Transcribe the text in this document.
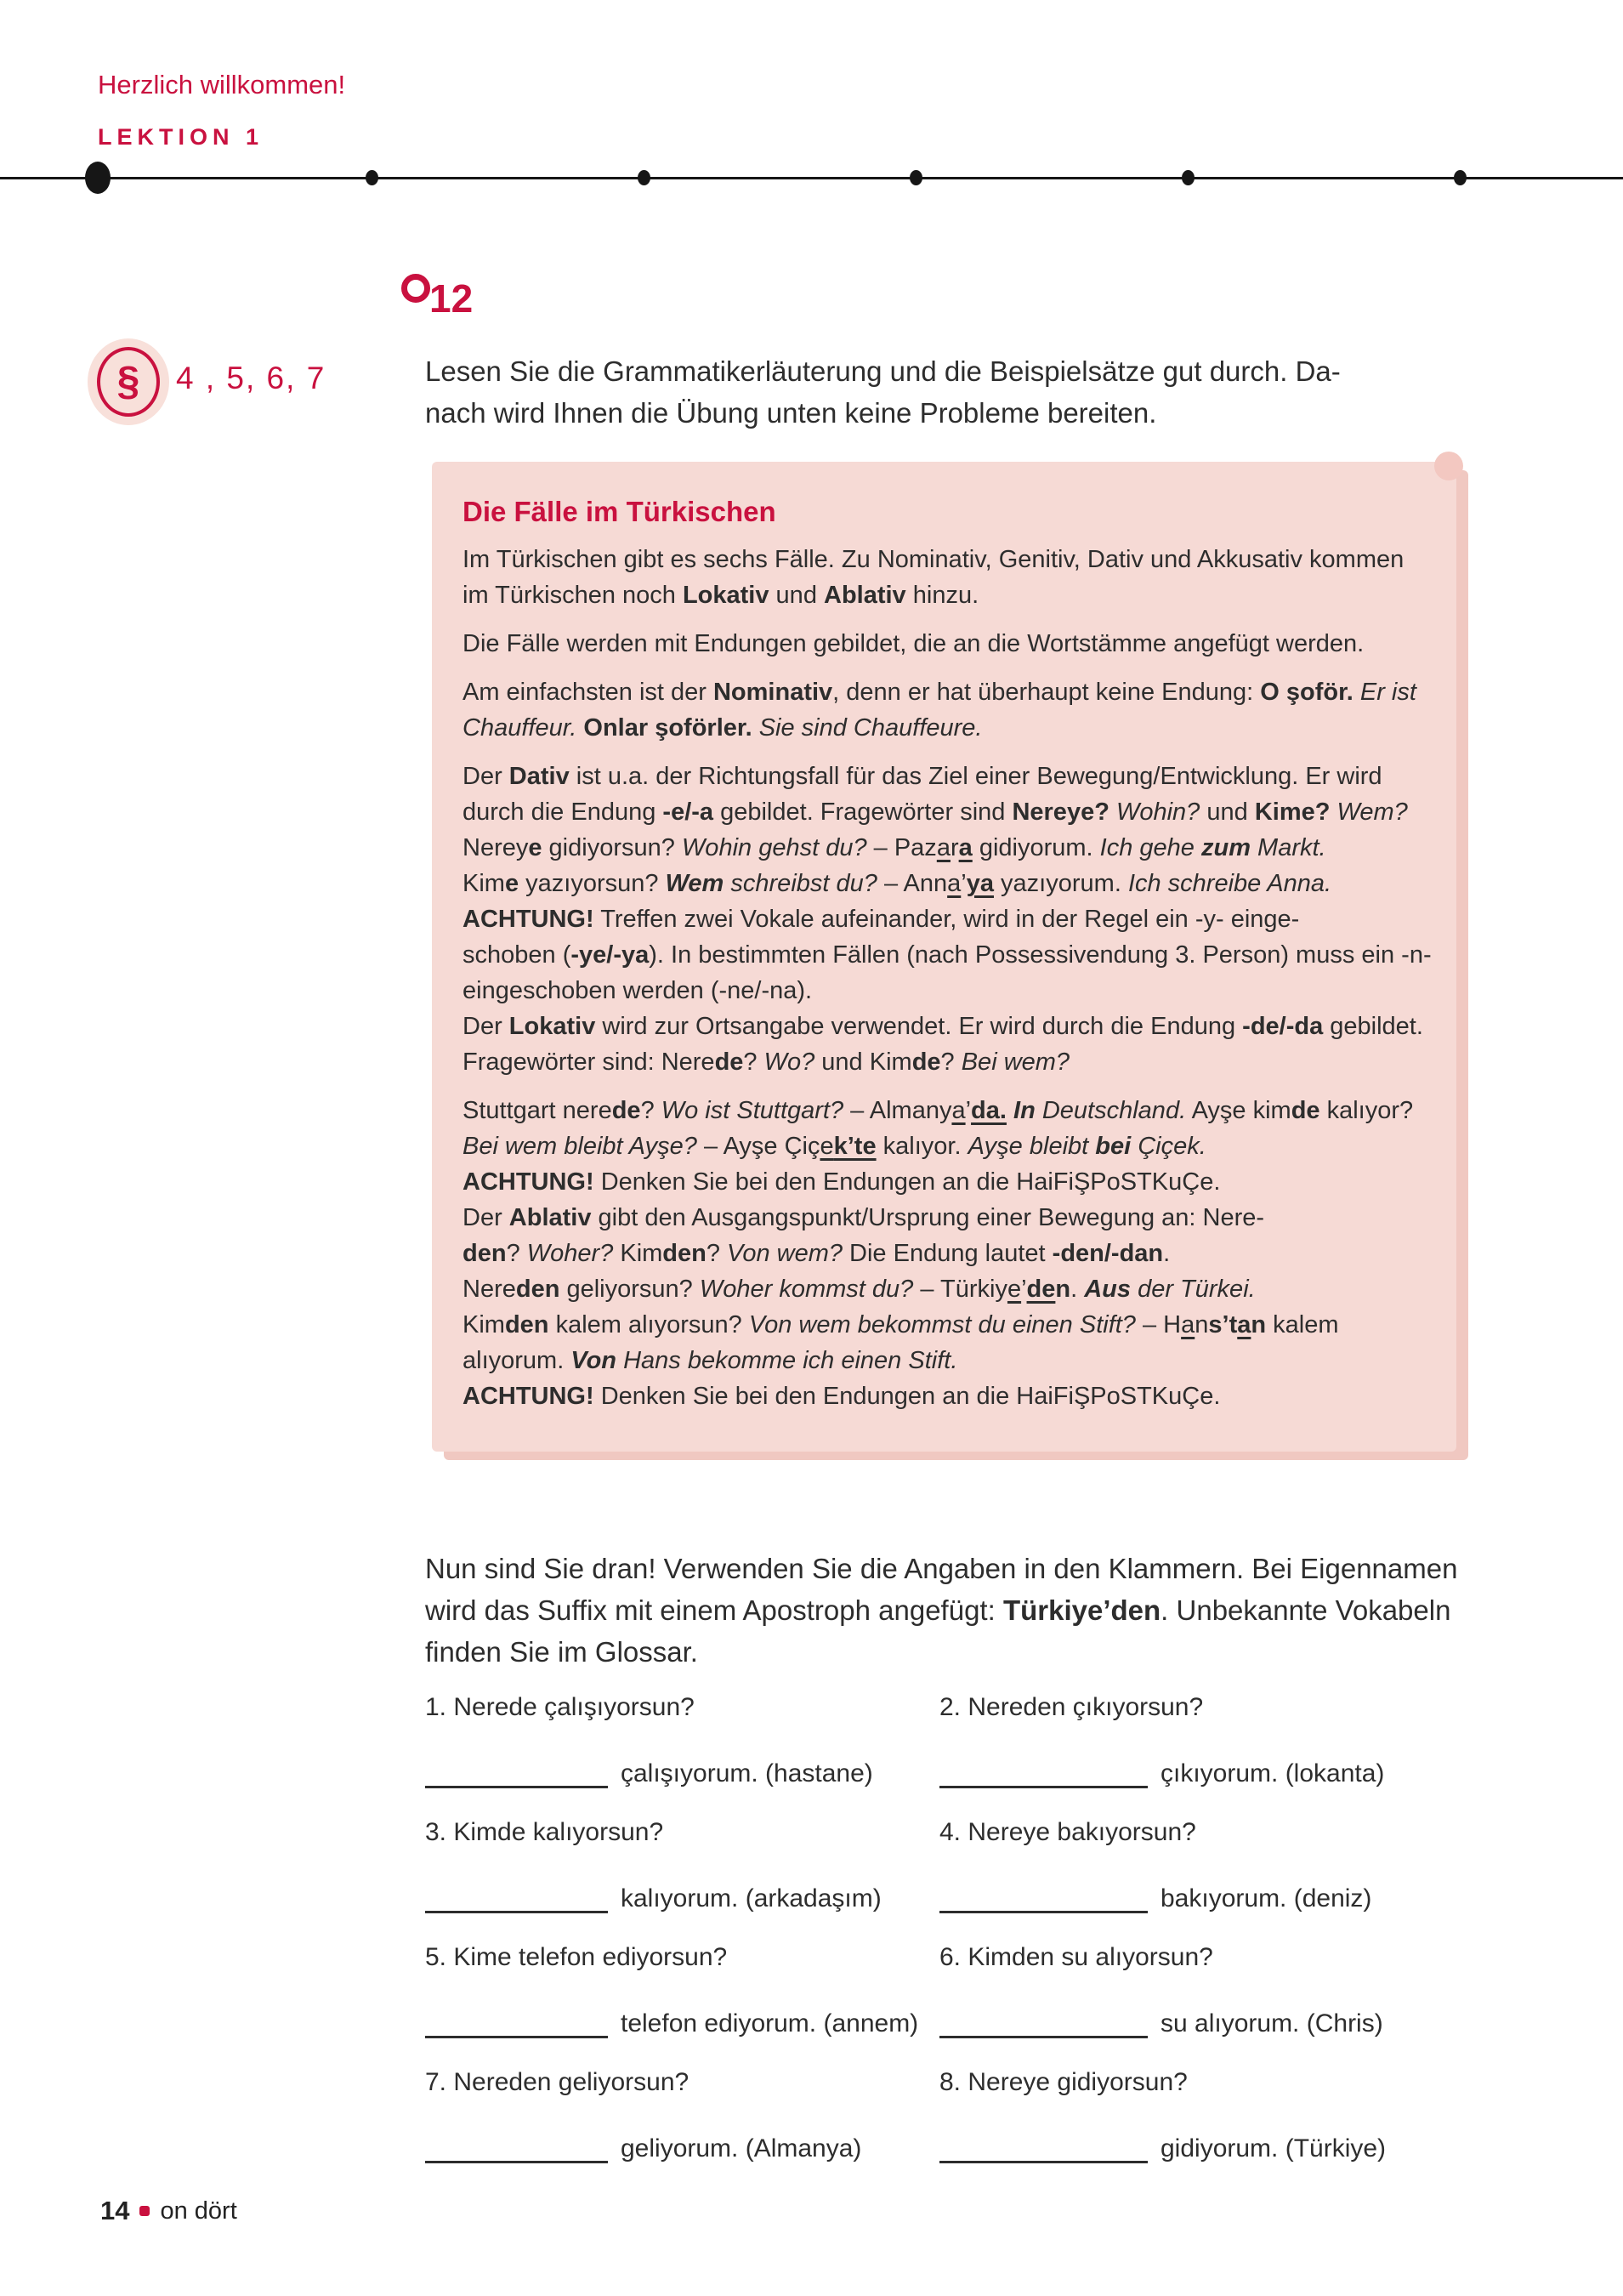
Herzlich willkommen!
LEKTION 1
§ 4 , 5, 6, 7
12
Lesen Sie die Grammatikerläuterung und die Beispielsätze gut durch. Da-
nach wird Ihnen die Übung unten keine Probleme bereiten.
Die Fälle im Türkischen

Im Türkischen gibt es sechs Fälle. Zu Nominativ, Genitiv, Dativ und Akkusativ kommen im Türkischen noch Lokativ und Ablativ hinzu.

Die Fälle werden mit Endungen gebildet, die an die Wortstämme angefügt werden.

Am einfachsten ist der Nominativ, denn er hat überhaupt keine Endung: O şoför. Er ist Chauffeur. Onlar şoförler. Sie sind Chauffeure.

Der Dativ ist u.a. der Richtungsfall für das Ziel einer Bewegung/Entwicklung. Er wird durch die Endung -e/-a gebildet. Fragewörter sind Nereye? Wohin? und Kime? Wem?
Nereye gidiyorsun? Wohin gehst du? – Pazara gidiyorum. Ich gehe zum Markt.
Kime yazıyorsun? Wem schreibst du? – Anna’ya yazıyorum. Ich schreibe Anna.
ACHTUNG! Treffen zwei Vokale aufeinander, wird in der Regel ein -y- einge-
schoben (-ye/-ya). In bestimmten Fällen (nach Possessivendung 3. Person) muss ein -n- eingeschoben werden (-ne/-na).
Der Lokativ wird zur Ortsangabe verwendet. Er wird durch die Endung -de/-da gebildet. Fragewörter sind: Nerede? Wo? und Kimde? Bei wem?

Stuttgart nerede? Wo ist Stuttgart? – Almanya’da. In Deutschland. Ayşe kimde kalıyor? Bei wem bleibt Ayşe? – Ayşe Çiçek’te kalıyor. Ayşe bleibt bei Çiçek.
ACHTUNG! Denken Sie bei den Endungen an die HaiFiŞPoSTKuÇe.
Der Ablativ gibt den Ausgangspunkt/Ursprung einer Bewegung an: Nere-
den? Woher? Kimden? Von wem? Die Endung lautet -den/-dan.
Nereden geliyorsun? Woher kommst du? – Türkiye’den. Aus der Türkei.
Kimden kalem alıyorsun? Von wem bekommst du einen Stift? – Hans’tan kalem alıyorum. Von Hans bekomme ich einen Stift.
ACHTUNG! Denken Sie bei den Endungen an die HaiFiŞPoSTKuÇe.

Nun sind Sie dran! Verwenden Sie die Angaben in den Klammern. Bei Eigennamen wird das Suffix mit einem Apostroph angefügt: Türkiye’den. Unbekannte Vokabeln finden Sie im Glossar.
1. Nerede çalışıyorsun?
çalışıyorum. (hastane)
2. Nereden çıkıyorsun?
çıkıyorum. (lokanta)
3. Kimde kalıyorsun?
kalıyorum. (arkadaşım)
4. Nereye bakıyorsun?
bakıyorum. (deniz)
5. Kime telefon ediyorsun?
telefon ediyorum. (annem)
6. Kimden su alıyorsun?
su alıyorum. (Chris)
7. Nereden geliyorsun?
geliyorum. (Almanya)
8. Nereye gidiyorsun?
gidiyorum. (Türkiye)
14 on dört
